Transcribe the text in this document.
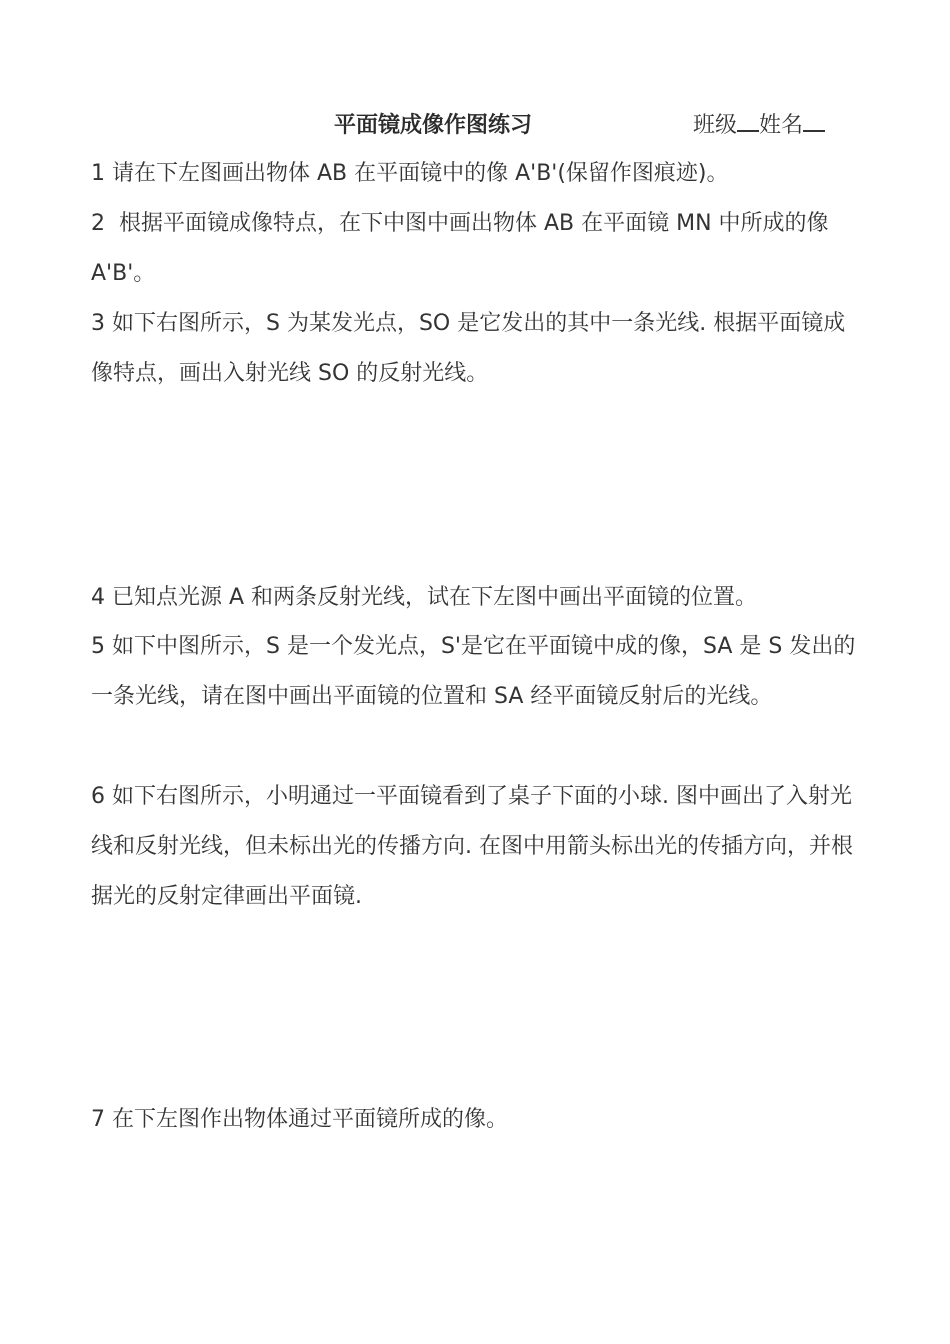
平面镜成像作图练习	班级 姓名
1 请在下左图画出物体 AB 在平面镜中的像 A'B'(保留作图痕迹)。
2  根据平面镜成像特点，在下中图中画出物体 AB 在平面镜 MN 中所成的像 A'B'。
3 如下右图所示，S 为某发光点，SO 是它发出的其中一条光线. 根据平面镜成像特点，画出入射光线 SO 的反射光线。
4 已知点光源 A 和两条反射光线，试在下左图中画出平面镜的位置。
5 如下中图所示，S 是一个发光点，S'是它在平面镜中成的像，SA 是 S 发出的一条光线，请在图中画出平面镜的位置和 SA 经平面镜反射后的光线。
6 如下右图所示，小明通过一平面镜看到了桌子下面的小球. 图中画出了入射光线和反射光线，但未标出光的传播方向. 在图中用箭头标出光的传插方向，并根据光的反射定律画出平面镜.
7 在下左图作出物体通过平面镜所成的像。
